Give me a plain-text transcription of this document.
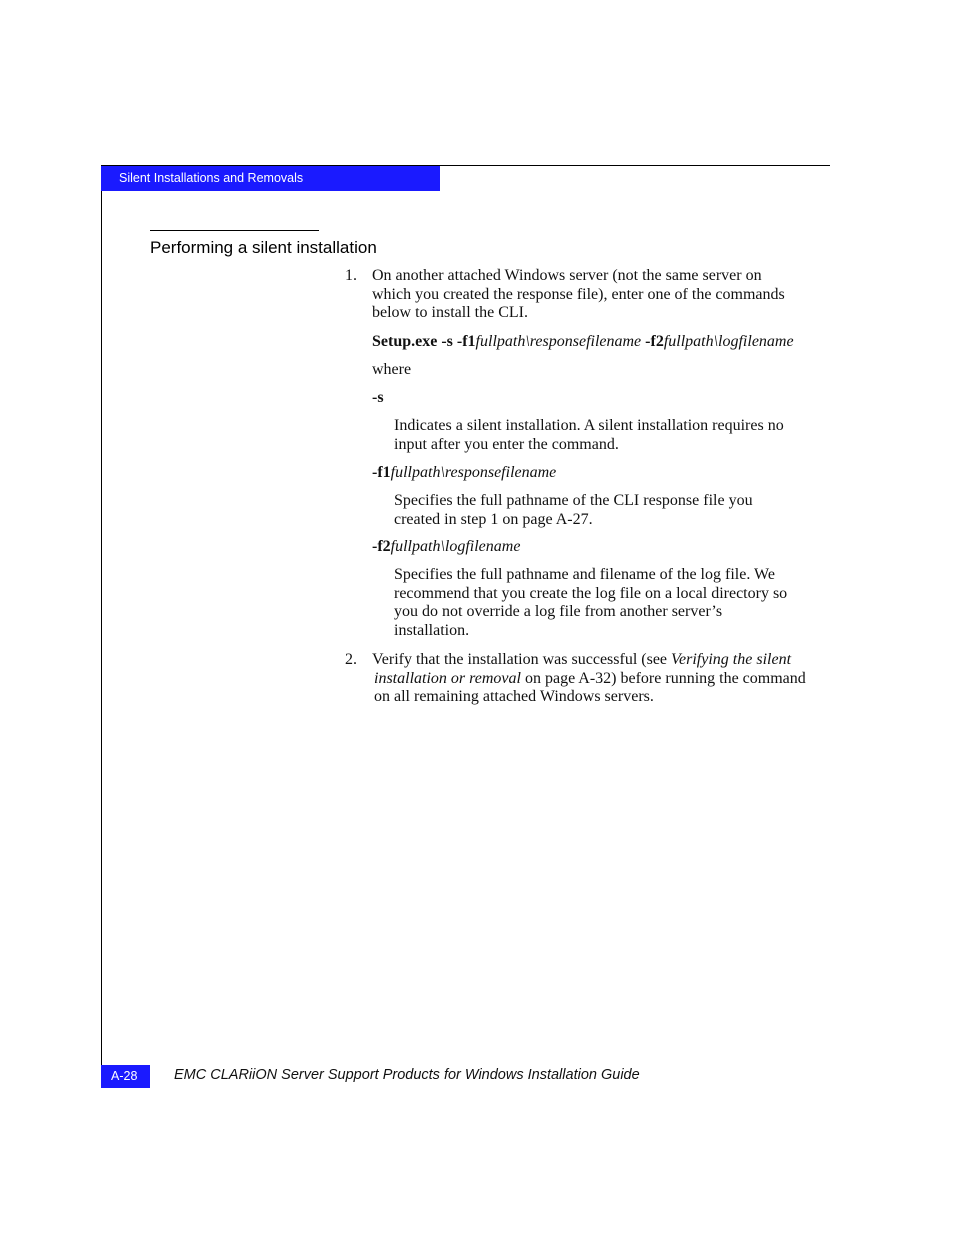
Silent Installations and Removals
Performing a silent installation
1. On another attached Windows server (not the same server on
which you created the response file), enter one of the commands
below to install the CLI.
Setup.exe -s -f1fullpath\responsefilename -f2fullpath\logfilename
where
-s
Indicates a silent installation. A silent installation requires no
input after you enter the command.
-f1fullpath\responsefilename
Specifies the full pathname of the CLI response file you
created in step 1 on page A-27.
-f2fullpath\logfilename
Specifies the full pathname and filename of the log file. We
recommend that you create the log file on a local directory so
you do not override a log file from another server’s
installation.
2. Verify that the installation was successful (see Verifying the silent
installation or removal on page A-32) before running the command
on all remaining attached Windows servers.
A-28	EMC CLARiiON Server Support Products for Windows Installation Guide
